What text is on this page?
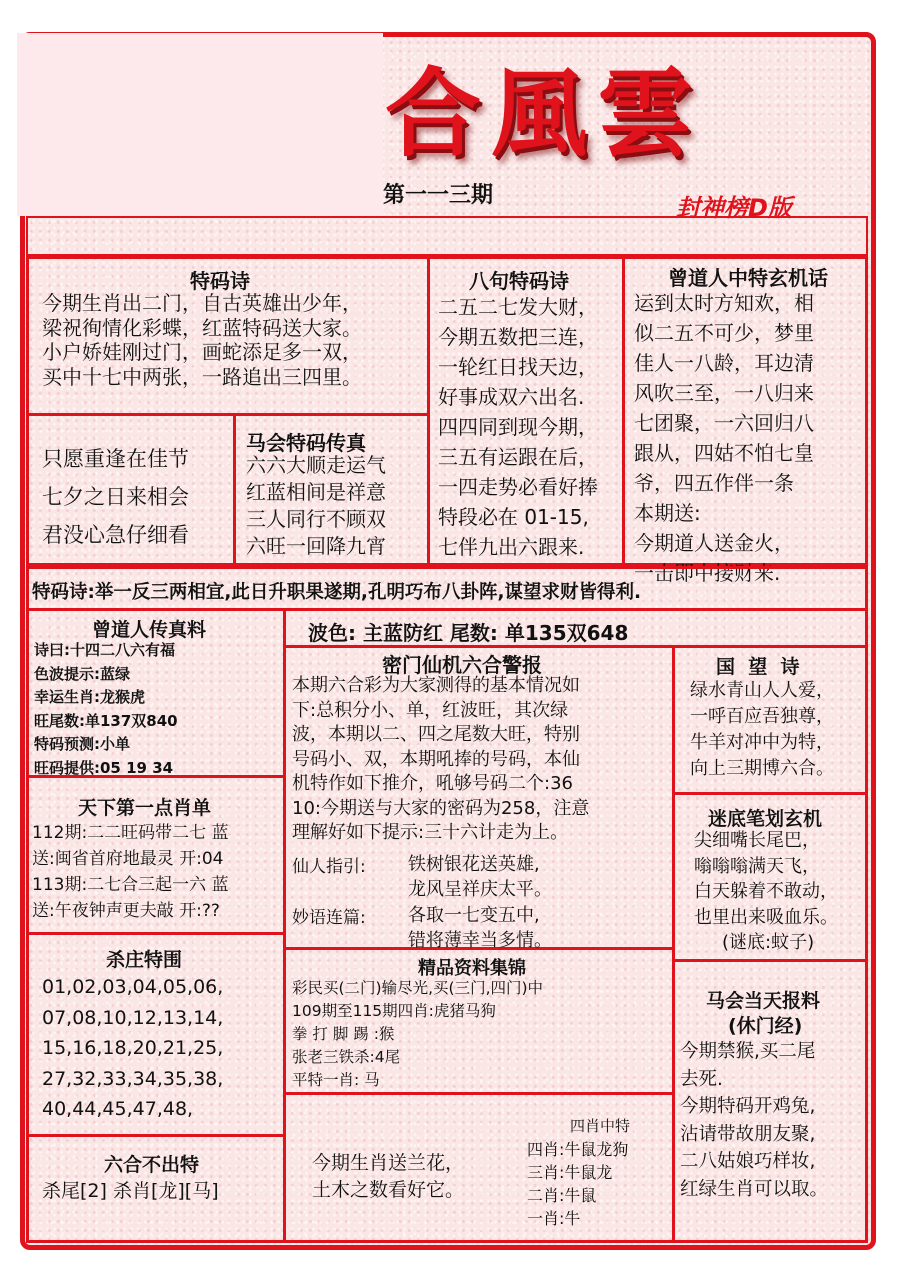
合風雲
第一一三期	封神榜D版
特码诗
今期生肖出二门，自古英雄出少年，
梁祝徇情化彩蝶，红蓝特码送大家。
小户娇娃刚过门，画蛇添足多一双，
买中十七中两张，一路追出三四里。
八句特码诗
二五二七发大财，
今期五数把三连，
一轮红日找天边，
好事成双六出名.
四四同到现今期，
三五有运跟在后，
一四走势必看好捧
特段必在 01-15,
七伴九出六跟来.
曾道人中特玄机话
运到太时方知欢，相
似二五不可少，梦里
佳人一八龄，耳边清
风吹三至，一八归来
七团聚，一六回归八
跟从，四姑不怕七皇
爷，四五作伴一条
本期送:
今期道人送金火，
一击即中接财来.
只愿重逢在佳节
七夕之日来相会
君没心急仔细看
马会特码传真
六六大顺走运气
红蓝相间是祥意
三人同行不顾双
六旺一回降九宵
特码诗:举一反三两相宜,此日升职果遂期,孔明巧布八卦阵,谋望求财皆得利.
曾道人传真料
诗曰:十四二八六有福
色波提示:蓝绿
幸运生肖:龙猴虎
旺尾数:单137双840
特码预测:小单
旺码提供:05 19 34
波色: 主蓝防红 尾数: 单135双648
密门仙机六合警报
本期六合彩为大家测得的基本情况如
下:总积分小、单，红波旺，其次绿
波，本期以二、四之尾数大旺，特别
号码小、双，本期吼捧的号码，本仙
机特作如下推介，吼够号码二个:36
10:今期送与大家的密码为258，注意
理解好如下提示:三十六计走为上。
仙人指引: 铁树银花送英雄,
龙风呈祥庆太平。
妙语连篇: 各取一七变五中,
错将薄幸当多情。
国  望  诗
绿水青山人人爱，
一呼百应吾独尊，
牛羊对冲中为特，
向上三期博六合。
天下第一点肖单
112期:二二旺码带二七 蓝
送:闽省首府地最灵 开:04
113期:二七合三起一六 蓝
送:午夜钟声更夫敲 开:??
迷底笔划玄机
尖细嘴长尾巴，
嗡嗡嗡满天飞，
白天躲着不敢动，
也里出来吸血乐。
(谜底:蚊子)
杀庄特围
01,02,03,04,05,06,
07,08,10,12,13,14,
15,16,18,20,21,25,
27,32,33,34,35,38,
40,44,45,47,48,
精品资料集锦
彩民买(二门)输尽光,买(三门,四门)中
109期至115期四肖:虎猪马狗
拳 打 脚 踢 :猴
张老三铁杀:4尾
平特一肖: 马
马会当天报料
(休门经)
今期禁猴,买二尾
去死.
今期特码开鸡兔,
沾请带故朋友聚,
二八姑娘巧样妆,
红绿生肖可以取。
六合不出特
杀尾[2] 杀肖[龙][马]
今期生肖送兰花，
土木之数看好它。
四肖中特
四肖:牛鼠龙狗
三肖:牛鼠龙
二肖:牛鼠
一肖:牛
